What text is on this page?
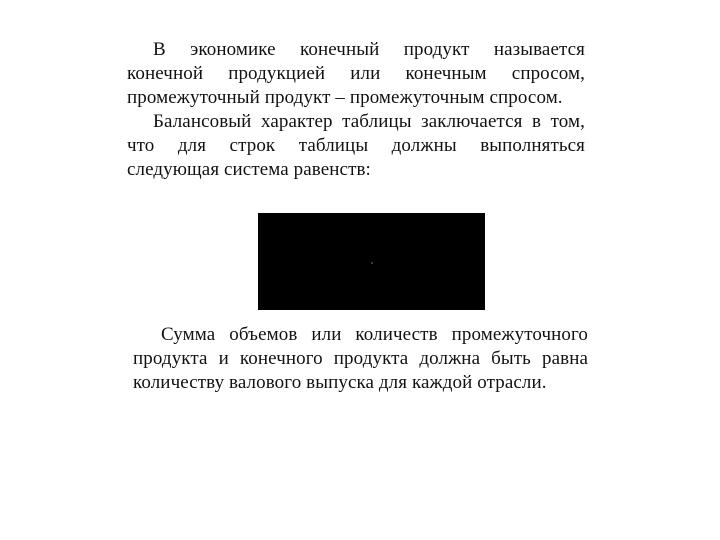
В экономике конечный продукт называется конечной продукцией или конечным спросом, промежуточный продукт – промежуточным спросом.
Балансовый характер таблицы заключается в том, что для строк таблицы должны выполняться следующая система равенств:

Сумма объемов или количеств промежуточного продукта и конечного продукта должна быть равна количеству валового выпуска для каждой отрасли.
